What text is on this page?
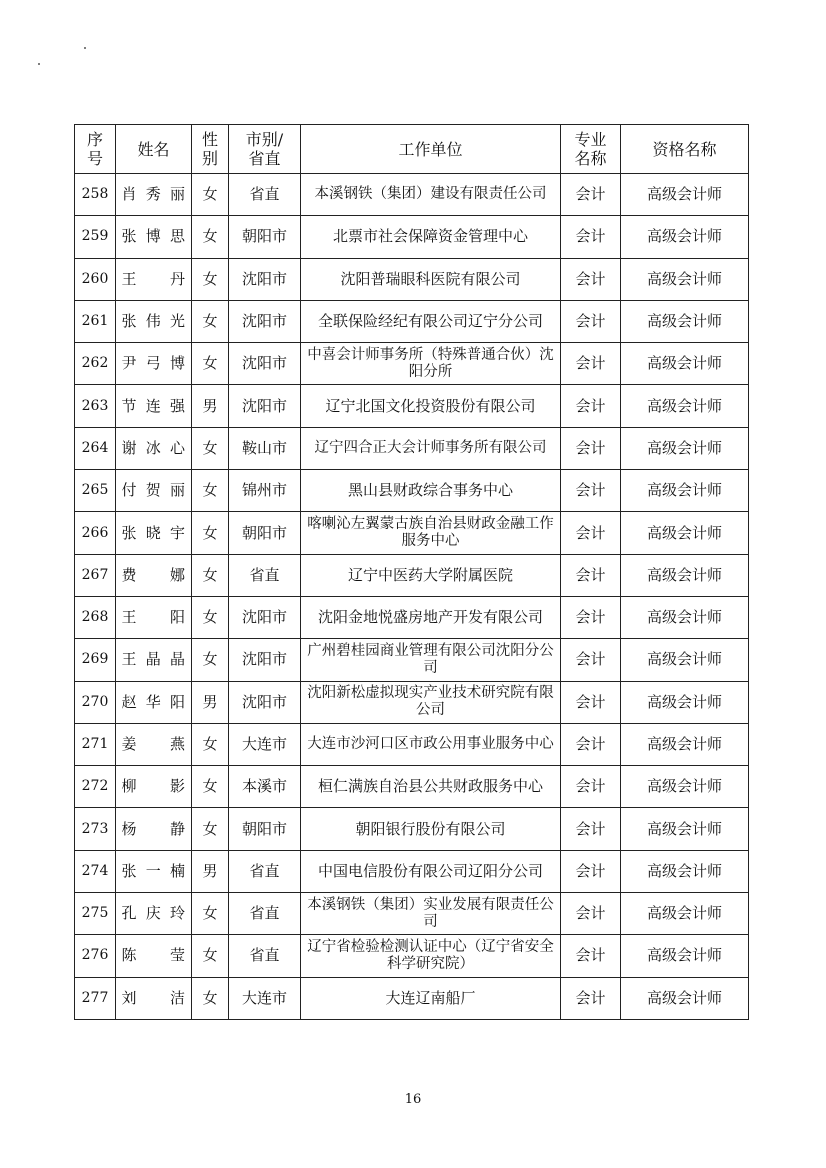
序号	姓名	性别	市别/省直	工作单位	专业名称	资格名称
258	肖秀丽	女	省直	本溪钢铁（集团）建设有限责任公司	会计	高级会计师
259	张博思	女	朝阳市	北票市社会保障资金管理中心	会计	高级会计师
260	王丹	女	沈阳市	沈阳普瑞眼科医院有限公司	会计	高级会计师
261	张伟光	女	沈阳市	全联保险经纪有限公司辽宁分公司	会计	高级会计师
262	尹弓博	女	沈阳市	中喜会计师事务所（特殊普通合伙）沈阳分所	会计	高级会计师
263	节连强	男	沈阳市	辽宁北国文化投资股份有限公司	会计	高级会计师
264	谢冰心	女	鞍山市	辽宁四合正大会计师事务所有限公司	会计	高级会计师
265	付贺丽	女	锦州市	黑山县财政综合事务中心	会计	高级会计师
266	张晓宇	女	朝阳市	喀喇沁左翼蒙古族自治县财政金融工作服务中心	会计	高级会计师
267	费娜	女	省直	辽宁中医药大学附属医院	会计	高级会计师
268	王阳	女	沈阳市	沈阳金地悦盛房地产开发有限公司	会计	高级会计师
269	王晶晶	女	沈阳市	广州碧桂园商业管理有限公司沈阳分公司	会计	高级会计师
270	赵华阳	男	沈阳市	沈阳新松虚拟现实产业技术研究院有限公司	会计	高级会计师
271	姜燕	女	大连市	大连市沙河口区市政公用事业服务中心	会计	高级会计师
272	柳影	女	本溪市	桓仁满族自治县公共财政服务中心	会计	高级会计师
273	杨静	女	朝阳市	朝阳银行股份有限公司	会计	高级会计师
274	张一楠	男	省直	中国电信股份有限公司辽阳分公司	会计	高级会计师
275	孔庆玲	女	省直	本溪钢铁（集团）实业发展有限责任公司	会计	高级会计师
276	陈莹	女	省直	辽宁省检验检测认证中心（辽宁省安全科学研究院）	会计	高级会计师
277	刘洁	女	大连市	大连辽南船厂	会计	高级会计师
16
